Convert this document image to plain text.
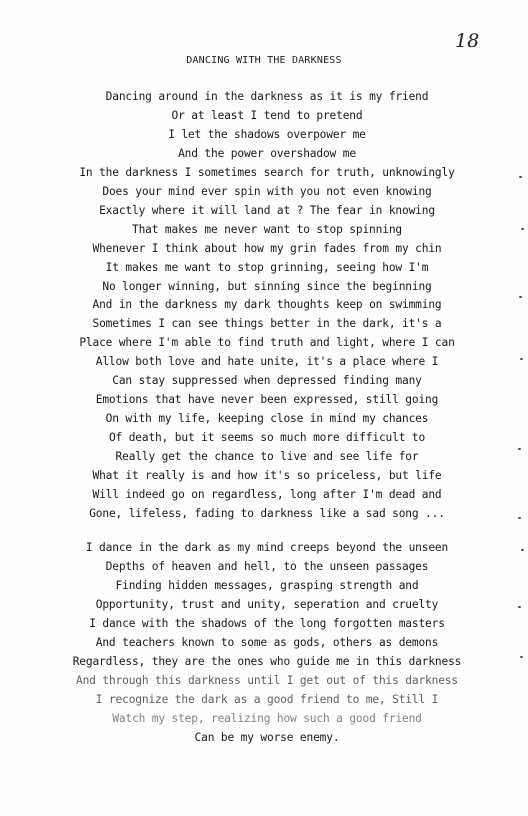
18
DANCING WITH THE DARKNESS
Dancing around in the darkness as it is my friend
Or at least I tend to pretend
I let the shadows overpower me
And the power overshadow me
In the darkness I sometimes search for truth, unknowingly
Does your mind ever spin with you not even knowing
Exactly where it will land at ? The fear in knowing
That makes me never want to stop spinning
Whenever I think about how my grin fades from my chin
It makes me want to stop grinning, seeing how I'm
No longer winning, but sinning since the beginning
And in the darkness my dark thoughts keep on swimming
Sometimes I can see things better in the dark, it's a
Place where I'm able to find truth and light, where I can
Allow both love and hate unite, it's a place where I
Can stay suppressed when depressed finding many
Emotions that have never been expressed, still going
On with my life, keeping close in mind my chances
Of death, but it seems so much more difficult to
Really get the chance to live and see life for
What it really is and how it's so priceless, but life
Will indeed go on regardless, long after I'm dead and
Gone, lifeless, fading to darkness like a sad song ...
I dance in the dark as my mind creeps beyond the unseen
Depths of heaven and hell, to the unseen passages
Finding hidden messages, grasping strength and
Opportunity, trust and unity, seperation and cruelty
I dance with the shadows of the long forgotten masters
And teachers known to some as gods, others as demons
Regardless, they are the ones who guide me in this darkness
And through this darkness until I get out of this darkness
I recognize the dark as a good friend to me, Still I
Watch my step, realizing how such a good friend
Can be my worse enemy.
